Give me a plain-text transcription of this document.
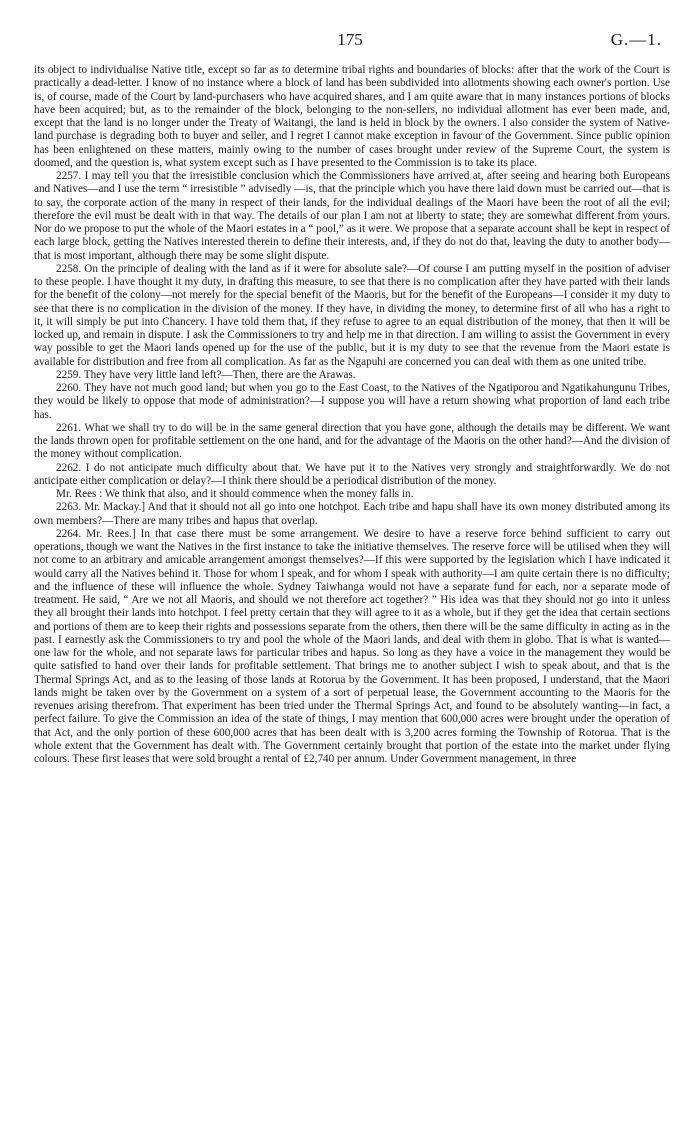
175	G.—1.

its object to individualise Native title, except so far as to determine tribal rights and boundaries of blocks: after that the work of the Court is practically a dead-letter. I know of no instance where a block of land has been subdivided into allotments showing each owner's portion. Use is, of course, made of the Court by land-purchasers who have acquired shares, and I am quite aware that in many instances portions of blocks have been acquired; but, as to the remainder of the block, belonging to the non-sellers, no individual allotment has ever been made, and, except that the land is no longer under the Treaty of Waitangi, the land is held in block by the owners. I also consider the system of Native-land purchase is degrading both to buyer and seller, and I regret I cannot make exception in favour of the Government. Since public opinion has been enlightened on these matters, mainly owing to the number of cases brought under review of the Supreme Court, the system is doomed, and the question is, what system except such as I have presented to the Commission is to take its place.

2257. I may tell you that the irresistible conclusion which the Commissioners have arrived at, after seeing and hearing both Europeans and Natives—and I use the term “ irresistible ” advisedly —is, that the principle which you have there laid down must be carried out—that is to say, the corporate action of the many in respect of their lands, for the individual dealings of the Maori have been the root of all the evil; therefore the evil must be dealt with in that way. The details of our plan I am not at liberty to state; they are somewhat different from yours. Nor do we propose to put the whole of the Maori estates in a “ pool,” as it were. We propose that a separate account shall be kept in respect of each large block, getting the Natives interested therein to define their interests, and, if they do not do that, leaving the duty to another body—that is most important, although there may be some slight dispute.

2258. On the principle of dealing with the land as if it were for absolute sale?—Of course I am putting myself in the position of adviser to these people. I have thought it my duty, in drafting this measure, to see that there is no complication after they have parted with their lands for the benefit of the colony—not merely for the special benefit of the Maoris, but for the benefit of the Europeans—I consider it my duty to see that there is no complication in the division of the money. If they have, in dividing the money, to determine first of all who has a right to it, it will simply be put into Chancery. I have told them that, if they refuse to agree to an equal distribution of the money, that then it will be locked up, and remain in dispute. I ask the Commissioners to try and help me in that direction. I am willing to assist the Government in every way possible to get the Maori lands opened up for the use of the public, but it is my duty to see that the revenue from the Maori estate is available for distribution and free from all complication. As far as the Ngapuhi are concerned you can deal with them as one united tribe.

2259. They have very little land left?—Then, there are the Arawas.

2260. They have not much good land; but when you go to the East Coast, to the Natives of the Ngatiporou and Ngatikahungunu Tribes, they would be likely to oppose that mode of administration?—I suppose you will have a return showing what proportion of land each tribe has.

2261. What we shall try to do will be in the same general direction that you have gone, although the details may be different. We want the lands thrown open for profitable settlement on the one hand, and for the advantage of the Maoris on the other hand?—And the division of the money without complication.

2262. I do not anticipate much difficulty about that. We have put it to the Natives very strongly and straightforwardly. We do not anticipate either complication or delay?—I think there should be a periodical distribution of the money.

Mr. Rees : We think that also, and it should commence when the money falls in.

2263. Mr. Mackay.] And that it should not all go into one hotchpot. Each tribe and hapu shall have its own money distributed among its own members?—There are many tribes and hapus that overlap.

2264. Mr. Rees.] In that case there must be some arrangement. We desire to have a reserve force behind sufficient to carry out operations, though we want the Natives in the first instance to take the initiative themselves. The reserve force will be utilised when they will not come to an arbitrary and amicable arrangement amongst themselves?—If this were supported by the legislation which I have indicated it would carry all the Natives behind it. Those for whom I speak, and for whom I speak with authority—I am quite certain there is no difficulty; and the influence of these will influence the whole. Sydney Taiwhanga would not have a separate fund for each, nor a separate mode of treatment. He said, “ Are we not all Maoris, and should we not therefore act together? ” His idea was that they should not go into it unless they all brought their lands into hotchpot. I feel pretty certain that they will agree to it as a whole, but if they get the idea that certain sections and portions of them are to keep their rights and possessions separate from the others, then there will be the same difficulty in acting as in the past. I earnestly ask the Commissioners to try and pool the whole of the Maori lands, and deal with them in globo. That is what is wanted—one law for the whole, and not separate laws for particular tribes and hapus. So long as they have a voice in the management they would be quite satisfied to hand over their lands for profitable settlement. That brings me to another subject I wish to speak about, and that is the Thermal Springs Act, and as to the leasing of those lands at Rotorua by the Government. It has been proposed, I understand, that the Maori lands might be taken over by the Government on a system of a sort of perpetual lease, the Government accounting to the Maoris for the revenues arising therefrom. That experiment has been tried under the Thermal Springs Act, and found to be absolutely wanting—in fact, a perfect failure. To give the Commission an idea of the state of things, I may mention that 600,000 acres were brought under the operation of that Act, and the only portion of these 600,000 acres that has been dealt with is 3,200 acres forming the Township of Rotorua. That is the whole extent that the Government has dealt with. The Government certainly brought that portion of the estate into the market under flying colours. These first leases that were sold brought a rental of £2,740 per annum. Under Government management, in three
